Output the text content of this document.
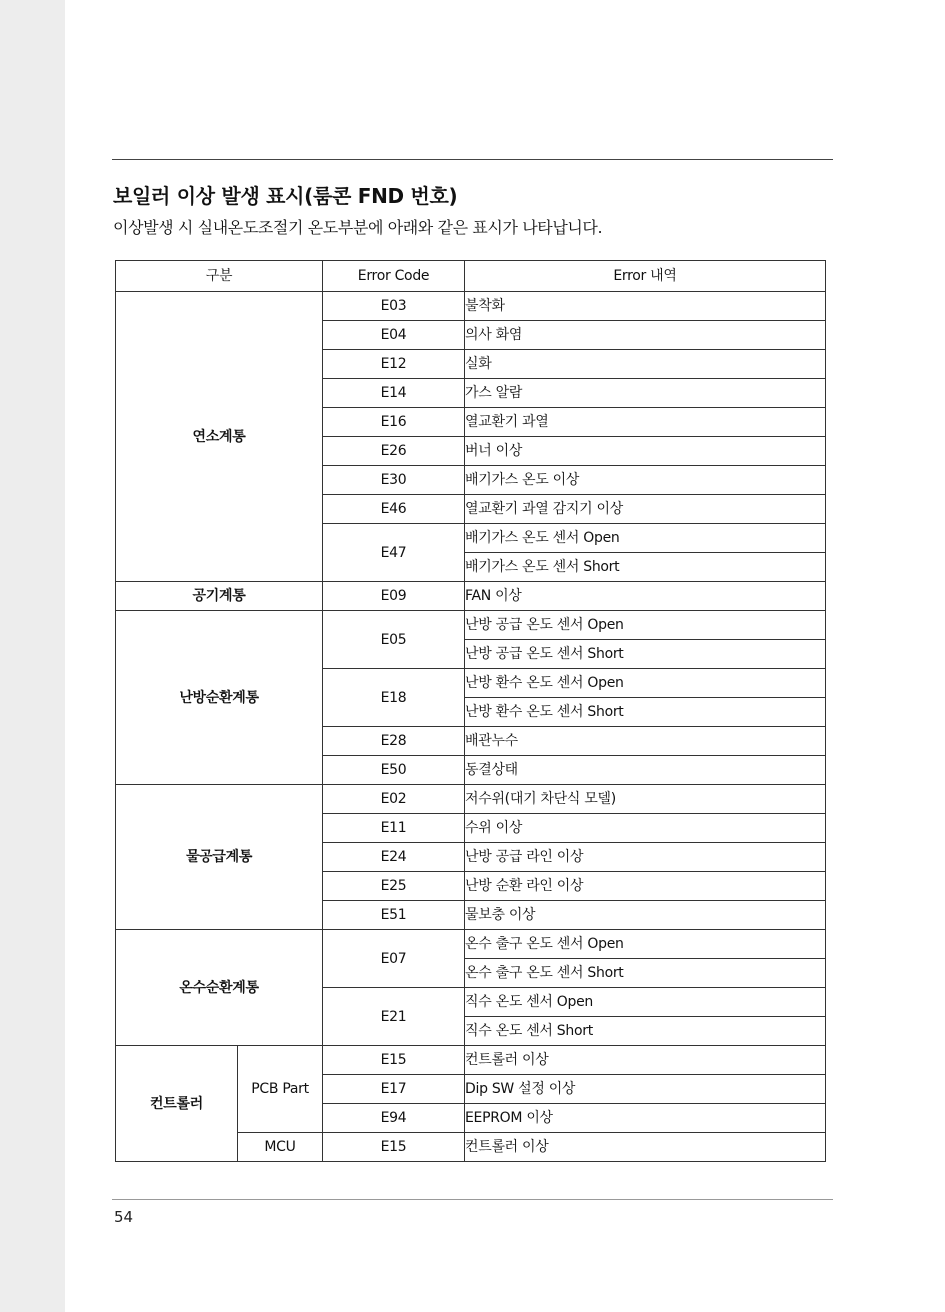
보일러 이상 발생 표시(룸콘 FND 번호)
이상발생 시 실내온도조절기 온도부분에 아래와 같은 표시가 나타납니다.
구분		Error Code	Error 내역
연소계통		E03	불착화
		E04	의사 화염
		E12	실화
		E14	가스 알람
		E16	열교환기 과열
		E26	버너 이상
		E30	배기가스 온도 이상
		E46	열교환기 과열 감지기 이상
		E47	배기가스 온도 센서 Open
			배기가스 온도 센서 Short
공기계통		E09	FAN 이상
난방순환계통		E05	난방 공급 온도 센서 Open
			난방 공급 온도 센서 Short
		E18	난방 환수 온도 센서 Open
			난방 환수 온도 센서 Short
		E28	배관누수
		E50	동결상태
물공급계통		E02	저수위(대기 차단식 모델)
		E11	수위 이상
		E24	난방 공급 라인 이상
		E25	난방 순환 라인 이상
		E51	물보충 이상
온수순환계통		E07	온수 출구 온도 센서 Open
			온수 출구 온도 센서 Short
		E21	직수 온도 센서 Open
			직수 온도 센서 Short
컨트롤러	PCB Part	E15	컨트롤러 이상
		E17	Dip SW 설정 이상
		E94	EEPROM 이상
	MCU	E15	컨트롤러 이상
54
